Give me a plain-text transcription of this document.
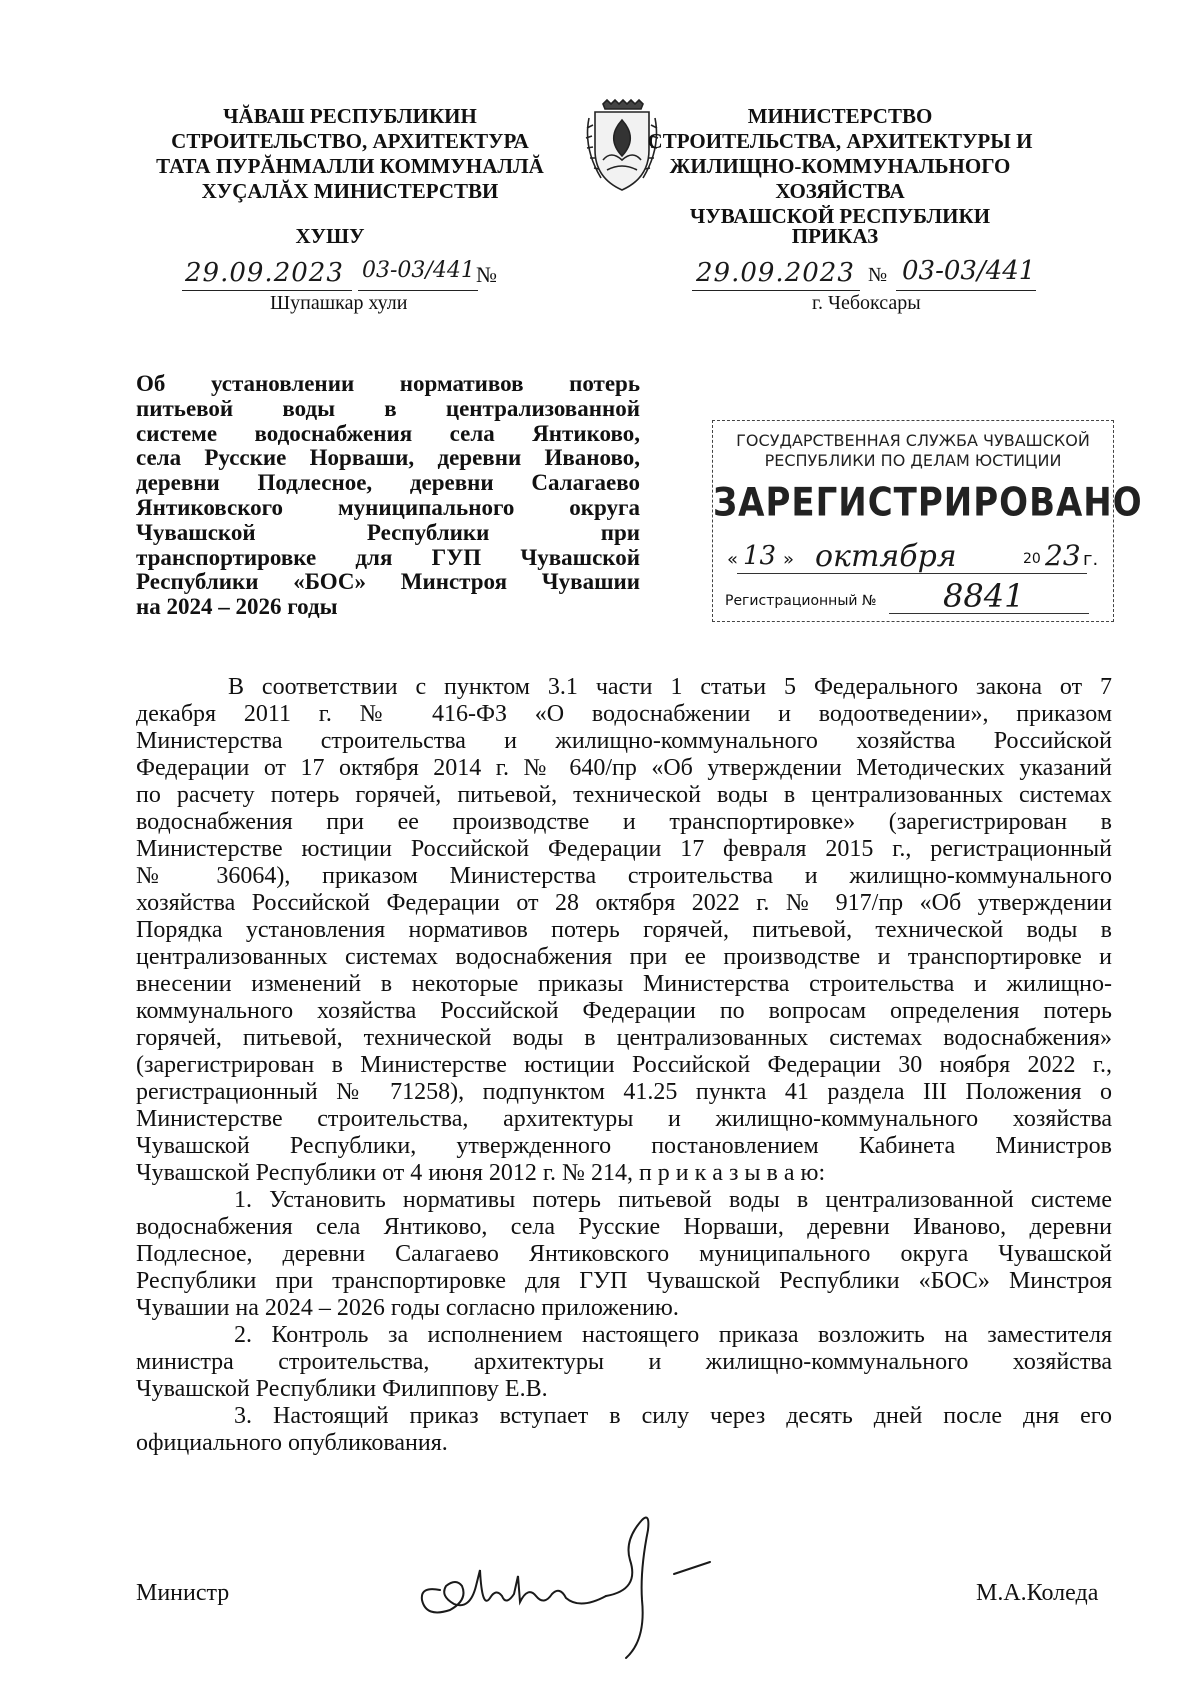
ЧĂВАШ РЕСПУБЛИКИН
СТРОИТЕЛЬСТВО, АРХИТЕКТУРА
ТАТА ПУРĂНМАЛЛИ КОММУНАЛЛĂ
ХУÇАЛĂХ МИНИСТЕРСТВИ
МИНИСТЕРСТВО
СТРОИТЕЛЬСТВА, АРХИТЕКТУРЫ И
ЖИЛИЩНО-КОММУНАЛЬНОГО ХОЗЯЙСТВА
ЧУВАШСКОЙ РЕСПУБЛИКИ
ХУШУ	ПРИКАЗ
29.09.2023 03-03/441 №
Шупашкар хули
29.09.2023 № 03-03/441
г. Чебоксары
Об установлении нормативов потерь
питьевой воды в централизованной
системе водоснабжения села Янтиково,
села Русские Норваши, деревни Иваново,
деревни Подлесное, деревни Салагаево
Янтиковского муниципального округа
Чувашской Республики при
транспортировке для ГУП Чувашской
Республики «БОС» Минстроя Чувашии
на 2024 – 2026 годы
ГОСУДАРСТВЕННАЯ СЛУЖБА ЧУВАШСКОЙ
РЕСПУБЛИКИ ПО ДЕЛАМ ЮСТИЦИИ
ЗАРЕГИСТРИРОВАНО
« 13 » октября	20 23 г.
Регистрационный № 8841
В соответствии с пунктом 3.1 части 1 статьи 5 Федерального закона от 7
декабря 2011 г. № 416-ФЗ «О водоснабжении и водоотведении», приказом
Министерства строительства и жилищно-коммунального хозяйства Российской
Федерации от 17 октября 2014 г. № 640/пр «Об утверждении Методических указаний
по расчету потерь горячей, питьевой, технической воды в централизованных системах
водоснабжения при ее производстве и транспортировке» (зарегистрирован в
Министерстве юстиции Российской Федерации 17 февраля 2015 г., регистрационный
№ 36064), приказом Министерства строительства и жилищно-коммунального
хозяйства Российской Федерации от 28 октября 2022 г. № 917/пр «Об утверждении
Порядка установления нормативов потерь горячей, питьевой, технической воды в
централизованных системах водоснабжения при ее производстве и транспортировке и
внесении изменений в некоторые приказы Министерства строительства и жилищно-
коммунального хозяйства Российской Федерации по вопросам определения потерь
горячей, питьевой, технической воды в централизованных системах водоснабжения»
(зарегистрирован в Министерстве юстиции Российской Федерации 30 ноября 2022 г.,
регистрационный № 71258), подпунктом 41.25 пункта 41 раздела III Положения о
Министерстве строительства, архитектуры и жилищно-коммунального хозяйства
Чувашской Республики, утвержденного постановлением Кабинета Министров
Чувашской Республики от 4 июня 2012 г. № 214, п р и к а з ы в а ю:
1. Установить нормативы потерь питьевой воды в централизованной системе
водоснабжения села Янтиково, села Русские Норваши, деревни Иваново, деревни
Подлесное, деревни Салагаево Янтиковского муниципального округа Чувашской
Республики при транспортировке для ГУП Чувашской Республики «БОС» Минстроя
Чувашии на 2024 – 2026 годы согласно приложению.
2. Контроль за исполнением настоящего приказа возложить на заместителя
министра строительства, архитектуры и жилищно-коммунального хозяйства
Чувашской Республики Филиппову Е.В.
3. Настоящий приказ вступает в силу через десять дней после дня его
официального опубликования.
Министр	М.А.Коледа
